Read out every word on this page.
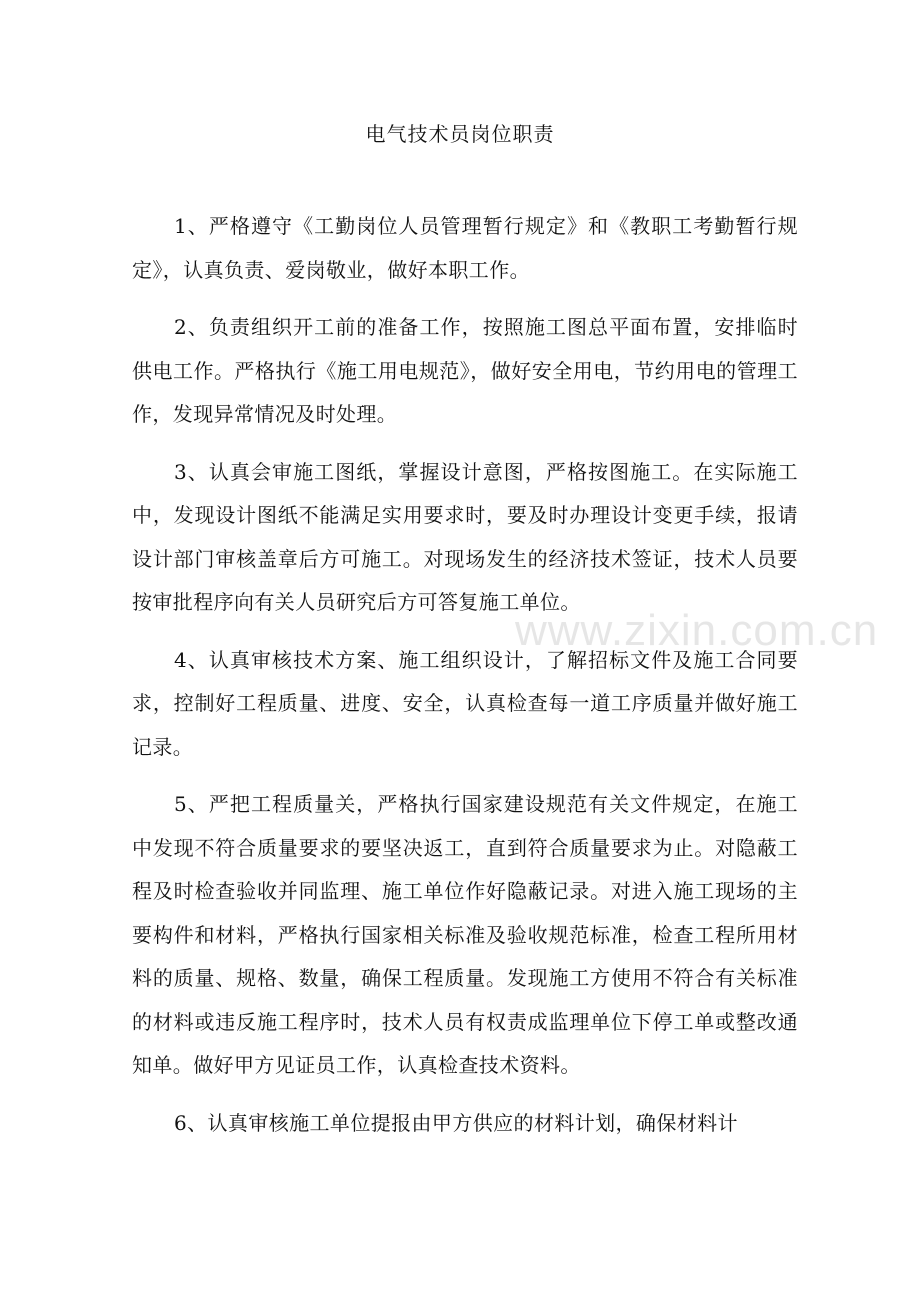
电气技术员岗位职责

1、严格遵守《工勤岗位人员管理暂行规定》和《教职工考勤暂行规定》，认真负责、爱岗敬业，做好本职工作。

2、负责组织开工前的准备工作，按照施工图总平面布置，安排临时供电工作。严格执行《施工用电规范》，做好安全用电，节约用电的管理工作，发现异常情况及时处理。

3、认真会审施工图纸，掌握设计意图，严格按图施工。在实际施工中，发现设计图纸不能满足实用要求时，要及时办理设计变更手续，报请设计部门审核盖章后方可施工。对现场发生的经济技术签证，技术人员要按审批程序向有关人员研究后方可答复施工单位。

4、认真审核技术方案、施工组织设计，了解招标文件及施工合同要求，控制好工程质量、进度、安全，认真检查每一道工序质量并做好施工记录。

5、严把工程质量关，严格执行国家建设规范有关文件规定，在施工中发现不符合质量要求的要坚决返工，直到符合质量要求为止。对隐蔽工程及时检查验收并同监理、施工单位作好隐蔽记录。对进入施工现场的主要构件和材料，严格执行国家相关标准及验收规范标准，检查工程所用材料的质量、规格、数量，确保工程质量。发现施工方使用不符合有关标准的材料或违反施工程序时，技术人员有权责成监理单位下停工单或整改通知单。做好甲方见证员工作，认真检查技术资料。

6、认真审核施工单位提报由甲方供应的材料计划，确保材料计

www.zixin.com.cn
